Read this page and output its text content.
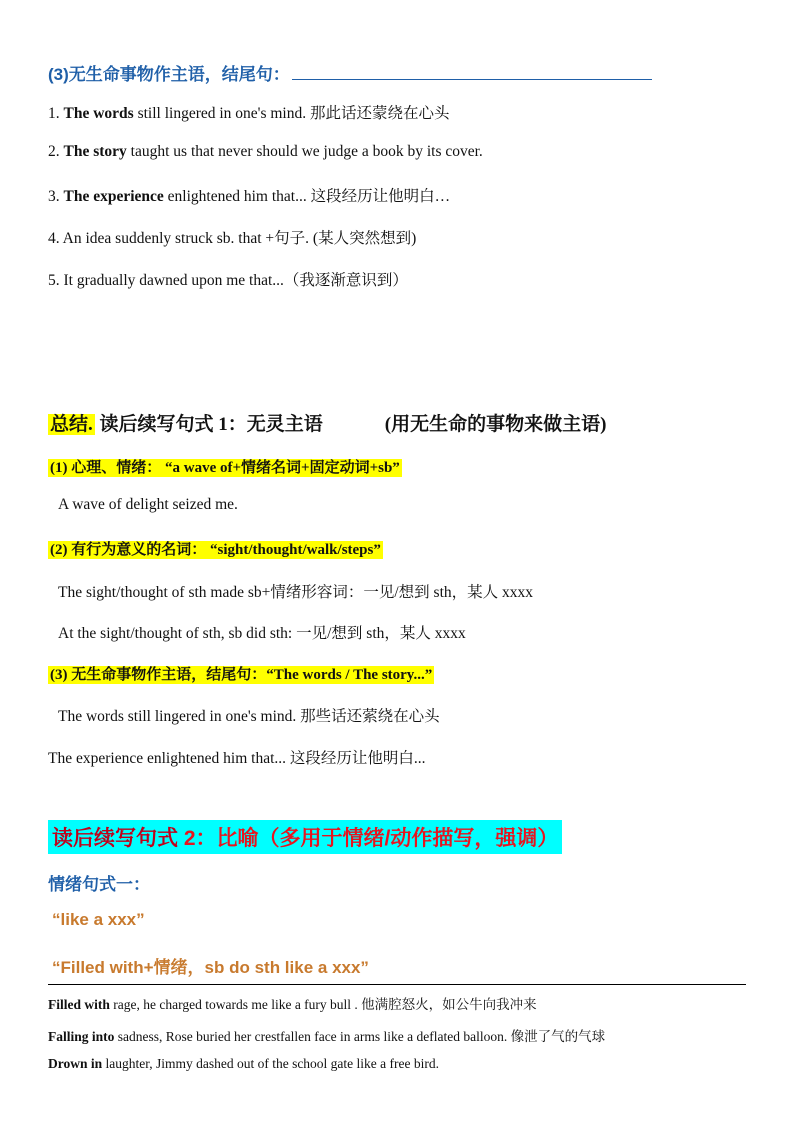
(3)无生命事物作主语，结尾句：
1. The words still lingered in one's mind. 那此话还蒙绕在心头
2. The story taught us that never should we judge a book by its cover.
3. The experience enlightened him that... 这段经历让他明白…
4. An idea suddenly struck sb. that +句子. (某人突然想到)
5. It gradually dawned upon me that...（我逐渐意识到）
总结. 读后续写句式 1：无灵主语	(用无生命的事物来做主语)
(1) 心理、情绪： “a wave of+情绪名词+固定动词+sb”
A wave of delight seized me.
(2) 有行为意义的名词： “sight/thought/walk/steps”
The sight/thought of sth made sb+情绪形容词：一见/想到 sth，某人 xxxx
At the sight/thought of sth, sb did sth: 一见/想到 sth，某人 xxxx
(3) 无生命事物作主语，结尾句：“The words / The story...”
The words still lingered in one's mind. 那些话还萦绕在心头
The experience enlightened him that... 这段经历让他明白...
读后续写句式 2：比喻（多用于情绪/动作描写，强调）
情绪句式一：
“like a xxx”
“Filled with+情绪，sb do sth like a xxx”
Filled with rage, he charged towards me like a fury bull . 他满腔怒火，如公牛向我冲来
Falling into sadness, Rose buried her crestfallen face in arms like a deflated balloon. 像泄了气的气球
Drown in laughter, Jimmy dashed out of the school gate like a free bird.
